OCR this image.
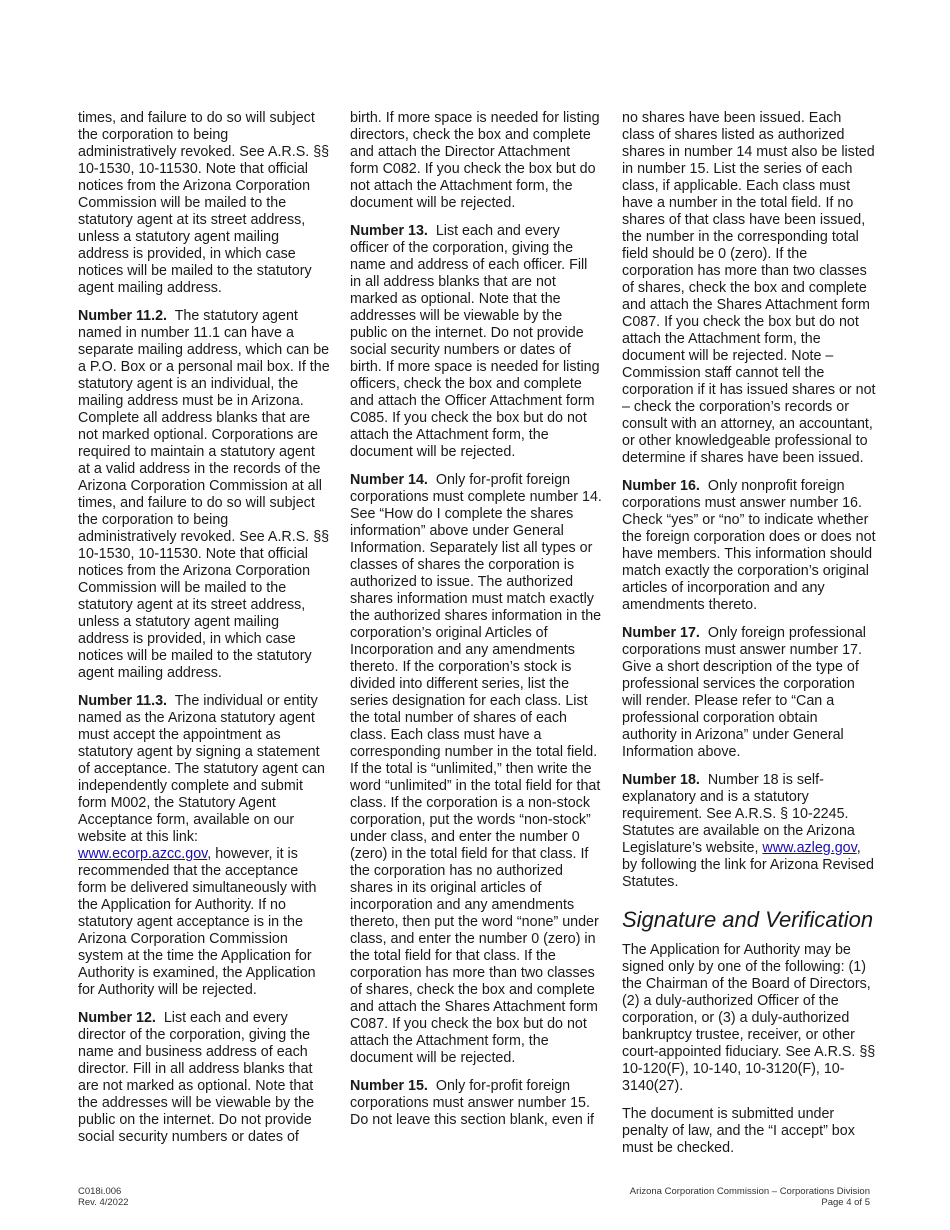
times, and failure to do so will subject the corporation to being administratively revoked. See A.R.S. §§ 10-1530, 10-11530. Note that official notices from the Arizona Corporation Commission will be mailed to the statutory agent at its street address, unless a statutory agent mailing address is provided, in which case notices will be mailed to the statutory agent mailing address.

Number 11.2. The statutory agent named in number 11.1 can have a separate mailing address, which can be a P.O. Box or a personal mail box. If the statutory agent is an individual, the mailing address must be in Arizona. Complete all address blanks that are not marked optional. Corporations are required to maintain a statutory agent at a valid address in the records of the Arizona Corporation Commission at all times, and failure to do so will subject the corporation to being administratively revoked. See A.R.S. §§ 10-1530, 10-11530. Note that official notices from the Arizona Corporation Commission will be mailed to the statutory agent at its street address, unless a statutory agent mailing address is provided, in which case notices will be mailed to the statutory agent mailing address.

Number 11.3. The individual or entity named as the Arizona statutory agent must accept the appointment as statutory agent by signing a statement of acceptance. The statutory agent can independently complete and submit form M002, the Statutory Agent Acceptance form, available on our website at this link: www.ecorp.azcc.gov, however, it is recommended that the acceptance form be delivered simultaneously with the Application for Authority. If no statutory agent acceptance is in the Arizona Corporation Commission system at the time the Application for Authority is examined, the Application for Authority will be rejected.

Number 12. List each and every director of the corporation, giving the name and business address of each director. Fill in all address blanks that are not marked as optional. Note that the addresses will be viewable by the public on the internet. Do not provide social security numbers or dates of

birth. If more space is needed for listing directors, check the box and complete and attach the Director Attachment form C082. If you check the box but do not attach the Attachment form, the document will be rejected.

Number 13. List each and every officer of the corporation, giving the name and address of each officer. Fill in all address blanks that are not marked as optional. Note that the addresses will be viewable by the public on the internet. Do not provide social security numbers or dates of birth. If more space is needed for listing officers, check the box and complete and attach the Officer Attachment form C085. If you check the box but do not attach the Attachment form, the document will be rejected.

Number 14. Only for-profit foreign corporations must complete number 14. See “How do I complete the shares information” above under General Information. Separately list all types or classes of shares the corporation is authorized to issue. The authorized shares information must match exactly the authorized shares information in the corporation’s original Articles of Incorporation and any amendments thereto. If the corporation’s stock is divided into different series, list the series designation for each class. List the total number of shares of each class. Each class must have a corresponding number in the total field. If the total is “unlimited,” then write the word “unlimited” in the total field for that class. If the corporation is a non-stock corporation, put the words “non-stock” under class, and enter the number 0 (zero) in the total field for that class. If the corporation has no authorized shares in its original articles of incorporation and any amendments thereto, then put the word “none” under class, and enter the number 0 (zero) in the total field for that class. If the corporation has more than two classes of shares, check the box and complete and attach the Shares Attachment form C087. If you check the box but do not attach the Attachment form, the document will be rejected.

Number 15. Only for-profit foreign corporations must answer number 15. Do not leave this section blank, even if

no shares have been issued. Each class of shares listed as authorized shares in number 14 must also be listed in number 15. List the series of each class, if applicable. Each class must have a number in the total field. If no shares of that class have been issued, the number in the corresponding total field should be 0 (zero). If the corporation has more than two classes of shares, check the box and complete and attach the Shares Attachment form C087. If you check the box but do not attach the Attachment form, the document will be rejected. Note – Commission staff cannot tell the corporation if it has issued shares or not – check the corporation’s records or consult with an attorney, an accountant, or other knowledgeable professional to determine if shares have been issued.

Number 16. Only nonprofit foreign corporations must answer number 16. Check “yes” or “no” to indicate whether the foreign corporation does or does not have members. This information should match exactly the corporation’s original articles of incorporation and any amendments thereto.

Number 17. Only foreign professional corporations must answer number 17. Give a short description of the type of professional services the corporation will render. Please refer to “Can a professional corporation obtain authority in Arizona” under General Information above.

Number 18. Number 18 is self-explanatory and is a statutory requirement. See A.R.S. § 10-2245. Statutes are available on the Arizona Legislature’s website, www.azleg.gov, by following the link for Arizona Revised Statutes.

Signature and Verification

The Application for Authority may be signed only by one of the following: (1) the Chairman of the Board of Directors, (2) a duly-authorized Officer of the corporation, or (3) a duly-authorized bankruptcy trustee, receiver, or other court-appointed fiduciary. See A.R.S. §§ 10-120(F), 10-140, 10-3120(F), 10-3140(27).

The document is submitted under penalty of law, and the “I accept” box must be checked.

C018i.006
Rev. 4/2022
Arizona Corporation Commission – Corporations Division
Page 4 of 5
